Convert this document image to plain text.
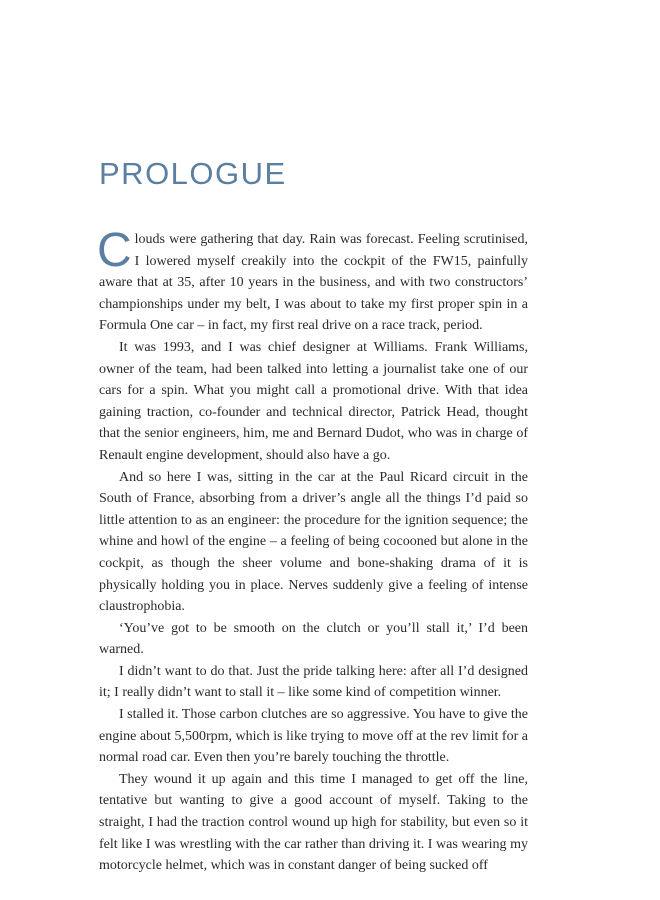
PROLOGUE

Clouds were gathering that day. Rain was forecast. Feeling scrutinised, I lowered myself creakily into the cockpit of the FW15, painfully aware that at 35, after 10 years in the business, and with two constructors’ championships under my belt, I was about to take my first proper spin in a Formula One car – in fact, my first real drive on a race track, period.

It was 1993, and I was chief designer at Williams. Frank Williams, owner of the team, had been talked into letting a journalist take one of our cars for a spin. What you might call a promotional drive. With that idea gaining traction, co-founder and technical director, Patrick Head, thought that the senior engineers, him, me and Bernard Dudot, who was in charge of Renault engine development, should also have a go.

And so here I was, sitting in the car at the Paul Ricard circuit in the South of France, absorbing from a driver’s angle all the things I’d paid so little attention to as an engineer: the procedure for the ignition sequence; the whine and howl of the engine – a feeling of being cocooned but alone in the cockpit, as though the sheer volume and bone-shaking drama of it is physically holding you in place. Nerves suddenly give a feeling of intense claustrophobia.

‘You’ve got to be smooth on the clutch or you’ll stall it,’ I’d been warned.

I didn’t want to do that. Just the pride talking here: after all I’d designed it; I really didn’t want to stall it – like some kind of competition winner.

I stalled it. Those carbon clutches are so aggressive. You have to give the engine about 5,500rpm, which is like trying to move off at the rev limit for a normal road car. Even then you’re barely touching the throttle.

They wound it up again and this time I managed to get off the line, tentative but wanting to give a good account of myself. Taking to the straight, I had the traction control wound up high for stability, but even so it felt like I was wrestling with the car rather than driving it. I was wearing my motorcycle helmet, which was in constant danger of being sucked off
